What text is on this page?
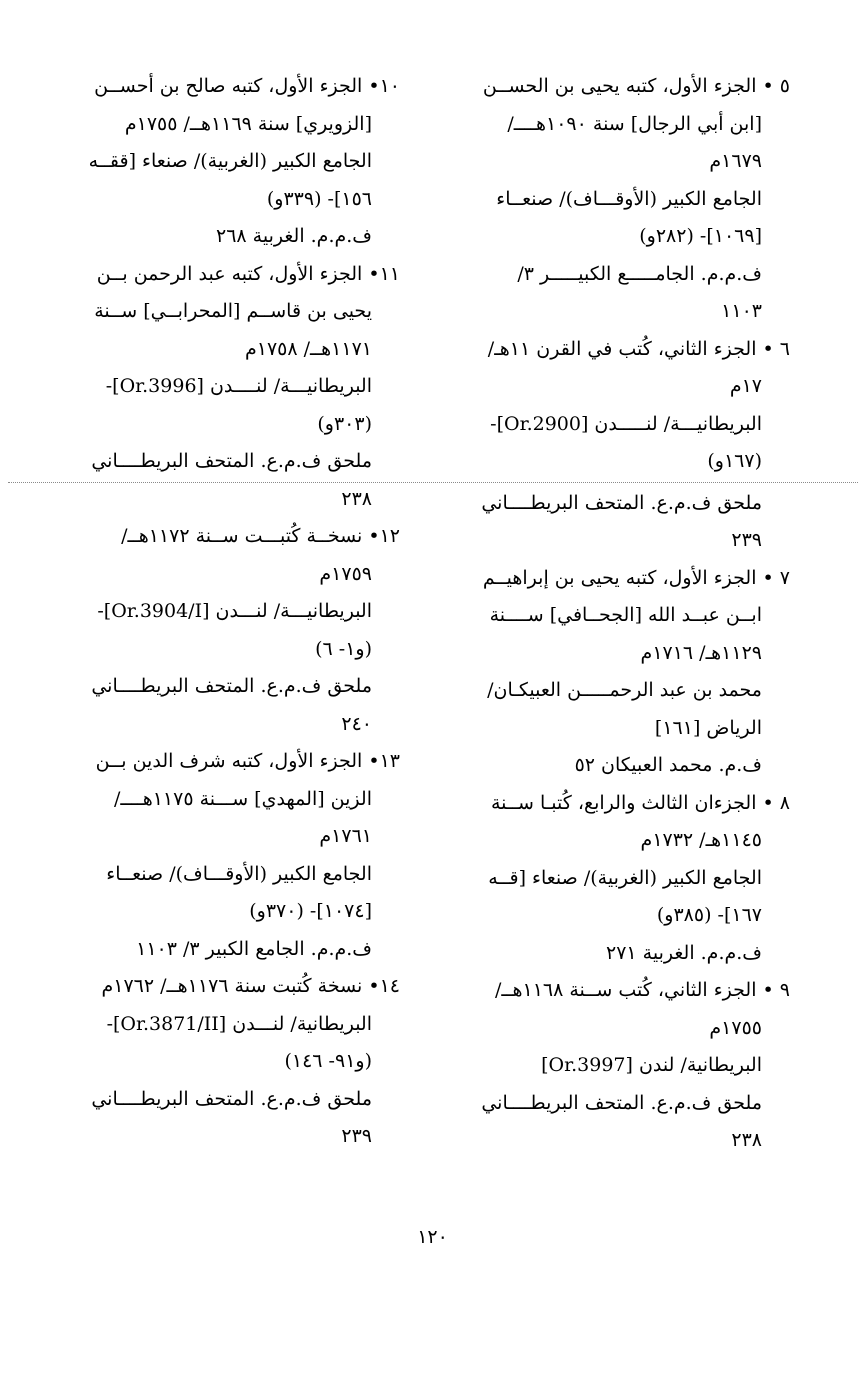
٥ • الجزء الأول، كتبه يحيى بن الحســن
[ابن أبي الرجال] سنة ١٠٩٠هــــ/
١٦٧٩م
الجامع الكبير (الأوقـــاف)/ صنعــاء
[١٠٦٩]- (٢٨٢و)
ف.م.م. الجامـــــع الكبيـــــر ٣/
١١٠٣
٦ • الجزء الثاني، كُتب في القرن ١١هـ/
١٧م
البريطانيـــة/ لنـــــدن [Or.2900]-
(١٦٧و)
ملحق ف.م.ع. المتحف البريطــــاني
٢٣٩
٧ • الجزء الأول، كتبه يحيى بن إبراهيــم
ابــن عبــد الله [الجحــافي] ســــنة
١١٢٩هـ/ ١٧١٦م
محمد بن عبد الرحمـــــن العبيكـان/
الرياض [١٦١]
ف.م. محمد العبيكان ٥٢
٨ • الجزءان الثالث والرابع، كُتبـا ســنة
١١٤٥هـ/ ١٧٣٢م
الجامع الكبير (الغربية)/ صنعاء [قــه
١٦٧]- (٣٨٥و)
ف.م.م. الغربية ٢٧١
٩ • الجزء الثاني، كُتب ســنة ١١٦٨هــ/
١٧٥٥م
البريطانية/ لندن [Or.3997]
ملحق ف.م.ع. المتحف البريطــــاني
٢٣٨
١٠• الجزء الأول، كتبه صالح بن أحســن
[الزويري] سنة ١١٦٩هــ/ ١٧٥٥م
الجامع الكبير (الغربية)/ صنعاء [ققــه
١٥٦]- (٣٣٩و)
ف.م.م. الغربية ٢٦٨
١١• الجزء الأول، كتبه عبد الرحمن بــن
يحيى بن قاســم [المحرابــي] ســنة
١١٧١هــ/ ١٧٥٨م
البريطانيـــة/ لنــــدن [Or.3996]-
(٣٠٣و)
ملحق ف.م.ع. المتحف البريطــــاني
٢٣٨
١٢• نسخــة كُتبـــت ســنة ١١٧٢هــ/
١٧٥٩م
البريطانيـــة/ لنـــدن [Or.3904/I]-
(و١- ٦)
ملحق ف.م.ع. المتحف البريطــــاني
٢٤٠
١٣• الجزء الأول، كتبه شرف الدين بــن
الزين [المهدي] ســـنة ١١٧٥هــــ/
١٧٦١م
الجامع الكبير (الأوقـــاف)/ صنعــاء
[١٠٧٤]- (٣٧٠و)
ف.م.م. الجامع الكبير ٣/ ١١٠٣
١٤• نسخة كُتبت سنة ١١٧٦هــ/ ١٧٦٢م
البريطانية/ لنـــدن [Or.3871/II]-
(و٩١- ١٤٦)
ملحق ف.م.ع. المتحف البريطــــاني
٢٣٩
١٢٠
